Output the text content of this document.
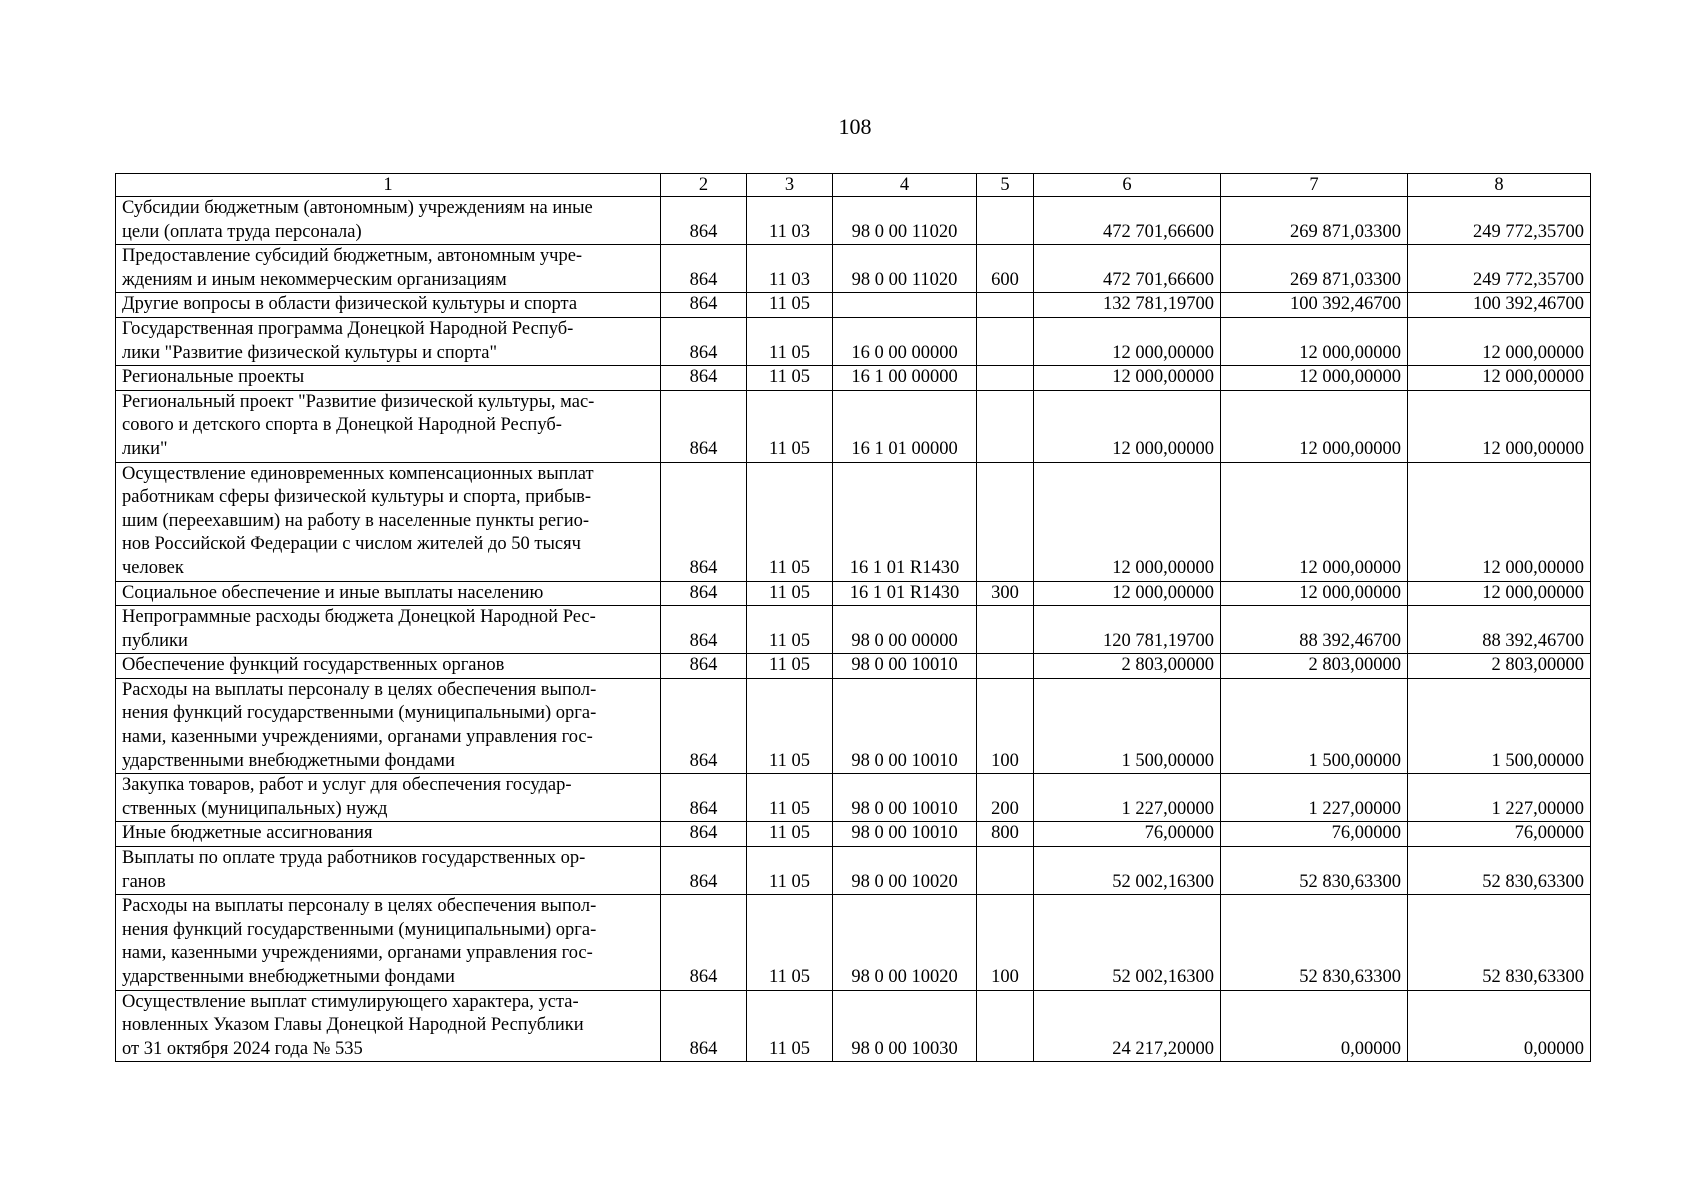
108
1	2	3	4	5	6	7	8

Субсидии бюджетным (автономным) учреждениям на иные
цели (оплата труда персонала)	864	11 03	98 0 00 11020		472 701,66600	269 871,03300	249 772,35700

Предоставление субсидий бюджетным, автономным учре-
ждениям и иным некоммерческим организациям	864	11 03	98 0 00 11020	600	472 701,66600	269 871,03300	249 772,35700

Другие вопросы в области физической культуры и спорта	864	11 05			132 781,19700	100 392,46700	100 392,46700

Государственная программа Донецкой Народной Респуб-
лики "Развитие физической культуры и спорта"	864	11 05	16 0 00 00000		12 000,00000	12 000,00000	12 000,00000

Региональные проекты	864	11 05	16 1 00 00000		12 000,00000	12 000,00000	12 000,00000

Региональный проект "Развитие физической культуры, мас-
сового и детского спорта в Донецкой Народной Респуб-
лики"	864	11 05	16 1 01 00000		12 000,00000	12 000,00000	12 000,00000

Осуществление единовременных компенсационных выплат
работникам сферы физической культуры и спорта, прибыв-
шим (переехавшим) на работу в населенные пункты регио-
нов Российской Федерации с числом жителей до 50 тысяч
человек	864	11 05	16 1 01 R1430		12 000,00000	12 000,00000	12 000,00000

Социальное обеспечение и иные выплаты населению	864	11 05	16 1 01 R1430	300	12 000,00000	12 000,00000	12 000,00000

Непрограммные расходы бюджета Донецкой Народной Рес-
публики	864	11 05	98 0 00 00000		120 781,19700	88 392,46700	88 392,46700

Обеспечение функций государственных органов	864	11 05	98 0 00 10010		2 803,00000	2 803,00000	2 803,00000

Расходы на выплаты персоналу в целях обеспечения выпол-
нения функций государственными (муниципальными) орга-
нами, казенными учреждениями, органами управления гос-
ударственными внебюджетными фондами	864	11 05	98 0 00 10010	100	1 500,00000	1 500,00000	1 500,00000

Закупка товаров, работ и услуг для обеспечения государ-
ственных (муниципальных) нужд	864	11 05	98 0 00 10010	200	1 227,00000	1 227,00000	1 227,00000

Иные бюджетные ассигнования	864	11 05	98 0 00 10010	800	76,00000	76,00000	76,00000

Выплаты по оплате труда работников государственных ор-
ганов	864	11 05	98 0 00 10020		52 002,16300	52 830,63300	52 830,63300

Расходы на выплаты персоналу в целях обеспечения выпол-
нения функций государственными (муниципальными) орга-
нами, казенными учреждениями, органами управления гос-
ударственными внебюджетными фондами	864	11 05	98 0 00 10020	100	52 002,16300	52 830,63300	52 830,63300

Осуществление выплат стимулирующего характера, уста-
новленных Указом Главы Донецкой Народной Республики
от 31 октября 2024 года № 535	864	11 05	98 0 00 10030		24 217,20000	0,00000	0,00000
